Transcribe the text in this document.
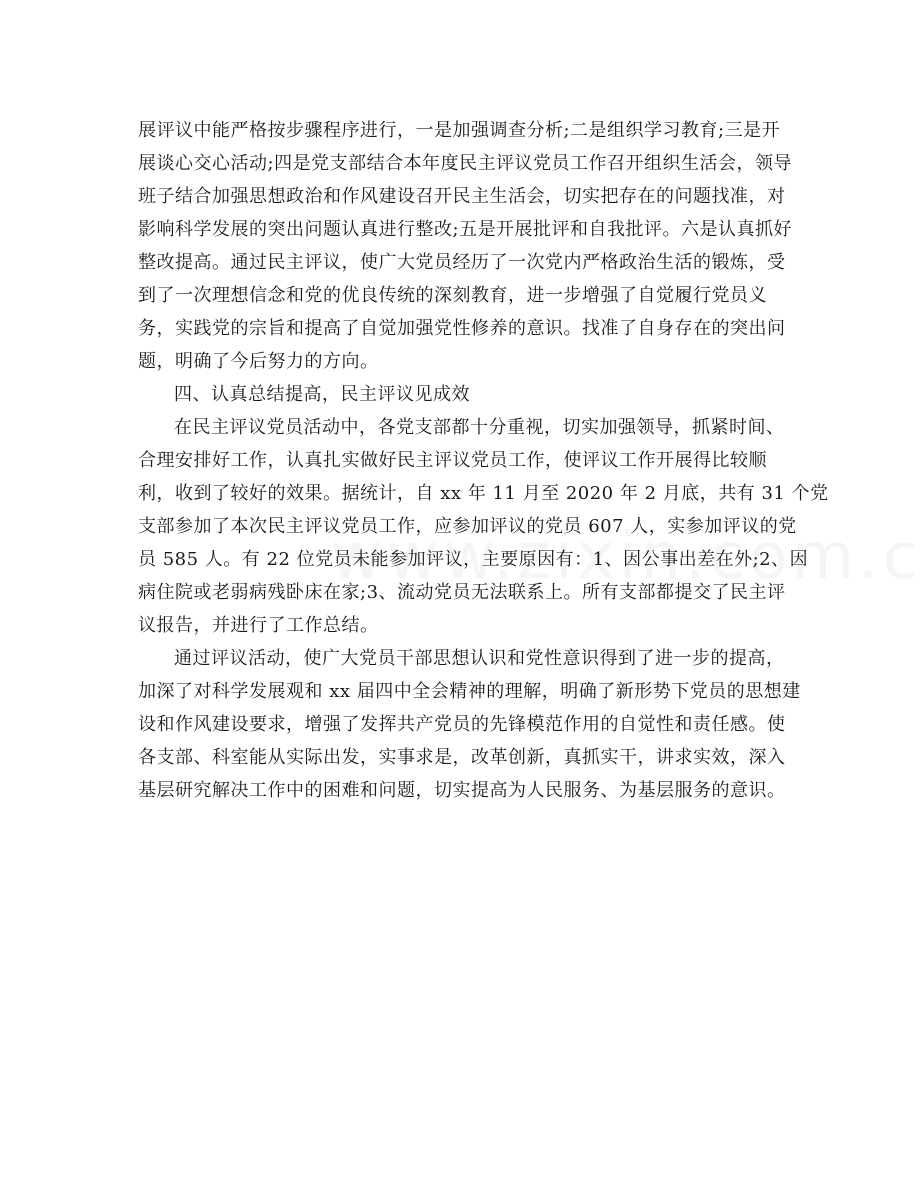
展评议中能严格按步骤程序进行，一是加强调查分析;二是组织学习教育;三是开
展谈心交心活动;四是党支部结合本年度民主评议党员工作召开组织生活会，领导
班子结合加强思想政治和作风建设召开民主生活会，切实把存在的问题找准，对
影响科学发展的突出问题认真进行整改;五是开展批评和自我批评。六是认真抓好
整改提高。通过民主评议，使广大党员经历了一次党内严格政治生活的锻炼，受
到了一次理想信念和党的优良传统的深刻教育，进一步增强了自觉履行党员义
务，实践党的宗旨和提高了自觉加强党性修养的意识。找准了自身存在的突出问
题，明确了今后努力的方向。
四、认真总结提高，民主评议见成效
在民主评议党员活动中，各党支部都十分重视，切实加强领导，抓紧时间、
合理安排好工作，认真扎实做好民主评议党员工作，使评议工作开展得比较顺
利，收到了较好的效果。据统计，自 xx 年 11 月至 2020 年 2 月底，共有 31 个党
支部参加了本次民主评议党员工作，应参加评议的党员 607 人，实参加评议的党
员 585 人。有 22 位党员未能参加评议，主要原因有：1、因公事出差在外;2、因
病住院或老弱病残卧床在家;3、流动党员无法联系上。所有支部都提交了民主评
议报告，并进行了工作总结。
通过评议活动，使广大党员干部思想认识和党性意识得到了进一步的提高，
加深了对科学发展观和 xx 届四中全会精神的理解，明确了新形势下党员的思想建
设和作风建设要求，增强了发挥共产党员的先锋模范作用的自觉性和责任感。使
各支部、科室能从实际出发，实事求是，改革创新，真抓实干，讲求实效，深入
基层研究解决工作中的困难和问题，切实提高为人民服务、为基层服务的意识。
